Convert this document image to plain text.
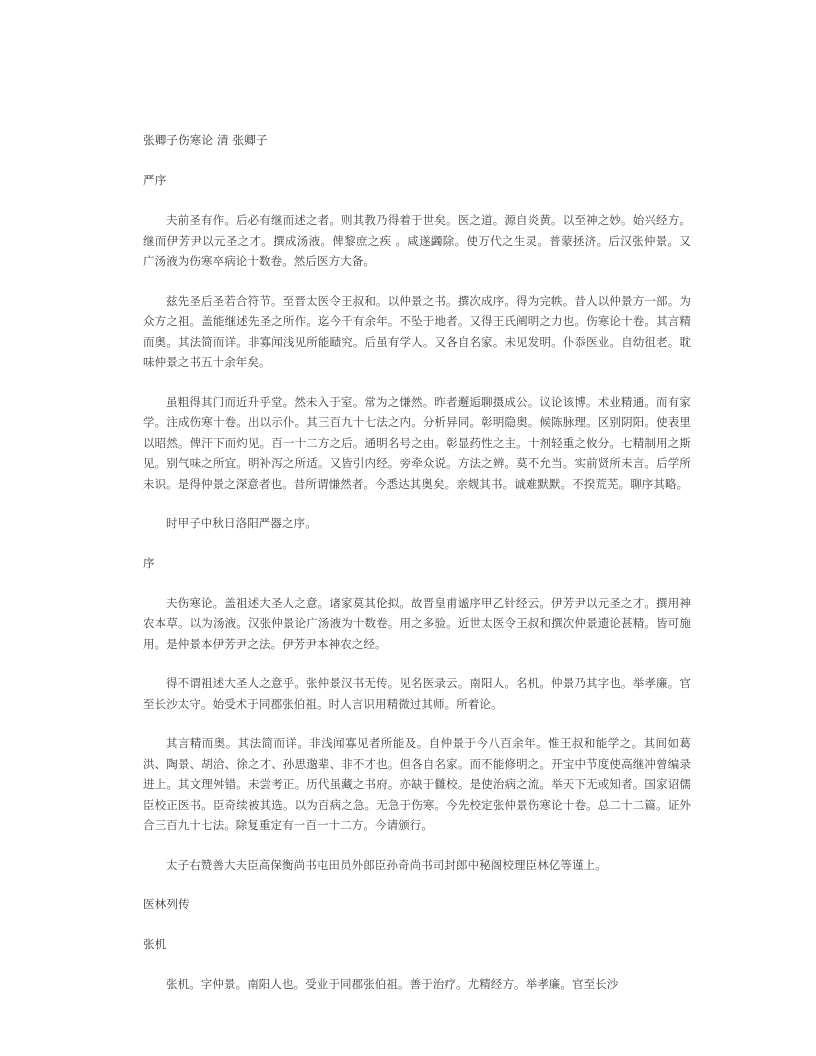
张卿子伤寒论 清 张卿子
严序

夫前圣有作。后必有继而述之者。则其教乃得着于世矣。医之道。源自炎黄。以至神之妙。始兴经方。继而伊芳尹以元圣之才。撰成汤液。俾黎庶之疾 。咸遂蠲除。使万代之生灵。普蒙拯济。后汉张仲景。又广汤液为伤寒卒病论十数卷。然后医方大备。

兹先圣后圣若合符节。至晋太医令王叔和。以仲景之书。撰次成序。得为完帙。昔人以仲景方一部。为众方之祖。盖能继述先圣之所作。迄今千有余年。不坠于地者。又得王氏阐明之力也。伤寒论十卷。其言精而奥。其法简而详。非寡闻浅见所能赜究。后虽有学人。又各自名家。未见发明。仆忝医业。自幼徂老。耽味仲景之书五十余年矣。

虽粗得其门而近升乎堂。然未入于室。常为之慊然。昨者邂逅聊摄成公。议论该博。术业精通。而有家学。注成伤寒十卷。出以示仆。其三百九十七法之内。分析异同。彰明隐奥。候陈脉理。区别阴阳。使表里以昭然。俾汗下而灼见。百一十二方之后。通明名号之由。彰显药性之主。十剂轻重之攸分。七精制用之斯见。别气味之所宜。明补泻之所适。又皆引内经。旁牵众说。方法之辨。莫不允当。实前贤所未言。后学所未识。是得仲景之深意者也。昔所谓慊然者。今悉达其奥矣。亲觌其书。诚难默默。不揆荒芜。聊序其略。

时甲子中秋日洛阳严器之序。

序

夫伤寒论。盖祖述大圣人之意。诸家莫其伦拟。故晋皇甫谧序甲乙针经云。伊芳尹以元圣之才。撰用神农本草。以为汤液。汉张仲景论广汤液为十数卷。用之多验。近世太医令王叔和撰次仲景遗论甚精。皆可施用。是仲景本伊芳尹之法。伊芳尹本神农之经。

得不谓祖述大圣人之意乎。张仲景汉书无传。见名医录云。南阳人。名机。仲景乃其字也。举孝廉。官至长沙太守。始受术于同郡张伯祖。时人言识用精微过其师。所着论。

其言精而奥。其法简而详。非浅闻寡见者所能及。自仲景于今八百余年。惟王叔和能学之。其间如葛洪、陶景、胡洽、徐之才、孙思邈辈、非不才也。但各自名家。而不能修明之。开宝中节度使高继冲曾编录进上。其文理舛错。未尝考正。历代虽藏之书府。亦缺于雠校。是使治病之流。举天下无或知者。国家诏儒臣校正医书。臣奇续被其选。以为百病之急。无急于伤寒。今先校定张仲景伤寒论十卷。总二十二篇。证外合三百九十七法。除复重定有一百一十二方。今请颁行。

太子右赞善大夫臣高保衡尚书屯田员外郎臣孙奇尚书司封郎中秘阁校理臣林亿等谨上。

医林列传
张机

张机。字仲景。南阳人也。受业于同郡张伯祖。善于治疗。尤精经方。举孝廉。官至长沙
